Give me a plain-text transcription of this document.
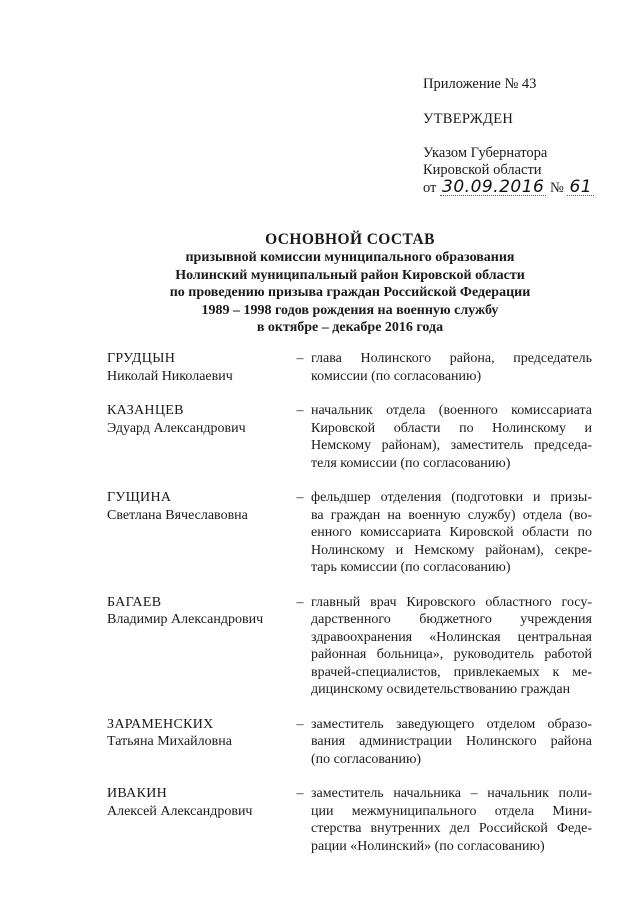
Приложение № 43

УТВЕРЖДЕН

Указом Губернатора

Кировской области

от 30.09.2016 № 61

ОСНОВНОЙ СОСТАВ

призывной комиссии муниципального образования

Нолинский муниципальный район Кировской области

по проведению призыва граждан Российской Федерации

1989 – 1998 годов рождения на военную службу

в октябре – декабре 2016 года

ГРУДЦЫН
Николай Николаевич
– глава Нолинского района, председатель
комиссии (по согласованию)
КАЗАНЦЕВ
Эдуард Александрович
– начальник отдела (военного комиссариата
Кировской области по Нолинскому и
Немскому районам), заместитель председа-
теля комиссии (по согласованию)
ГУЩИНА
Светлана Вячеславовна
– фельдшер отделения (подготовки и призы-
ва граждан на военную службу) отдела (во-
енного комиссариата Кировской области по
Нолинскому и Немскому районам), секре-
тарь комиссии (по согласованию)
БАГАЕВ
Владимир Александрович
– главный врач Кировского областного госу-
дарственного бюджетного учреждения
здравоохранения «Нолинская центральная
районная больница», руководитель работой
врачей-специалистов, привлекаемых к ме-
дицинскому освидетельствованию граждан
ЗАРАМЕНСКИХ
Татьяна Михайловна
– заместитель заведующего отделом образо-
вания администрации Нолинского района
(по согласованию)
ИВАКИН
Алексей Александрович
– заместитель начальника – начальник поли-
ции межмуниципального отдела Мини-
стерства внутренних дел Российской Феде-
рации «Нолинский» (по согласованию)
